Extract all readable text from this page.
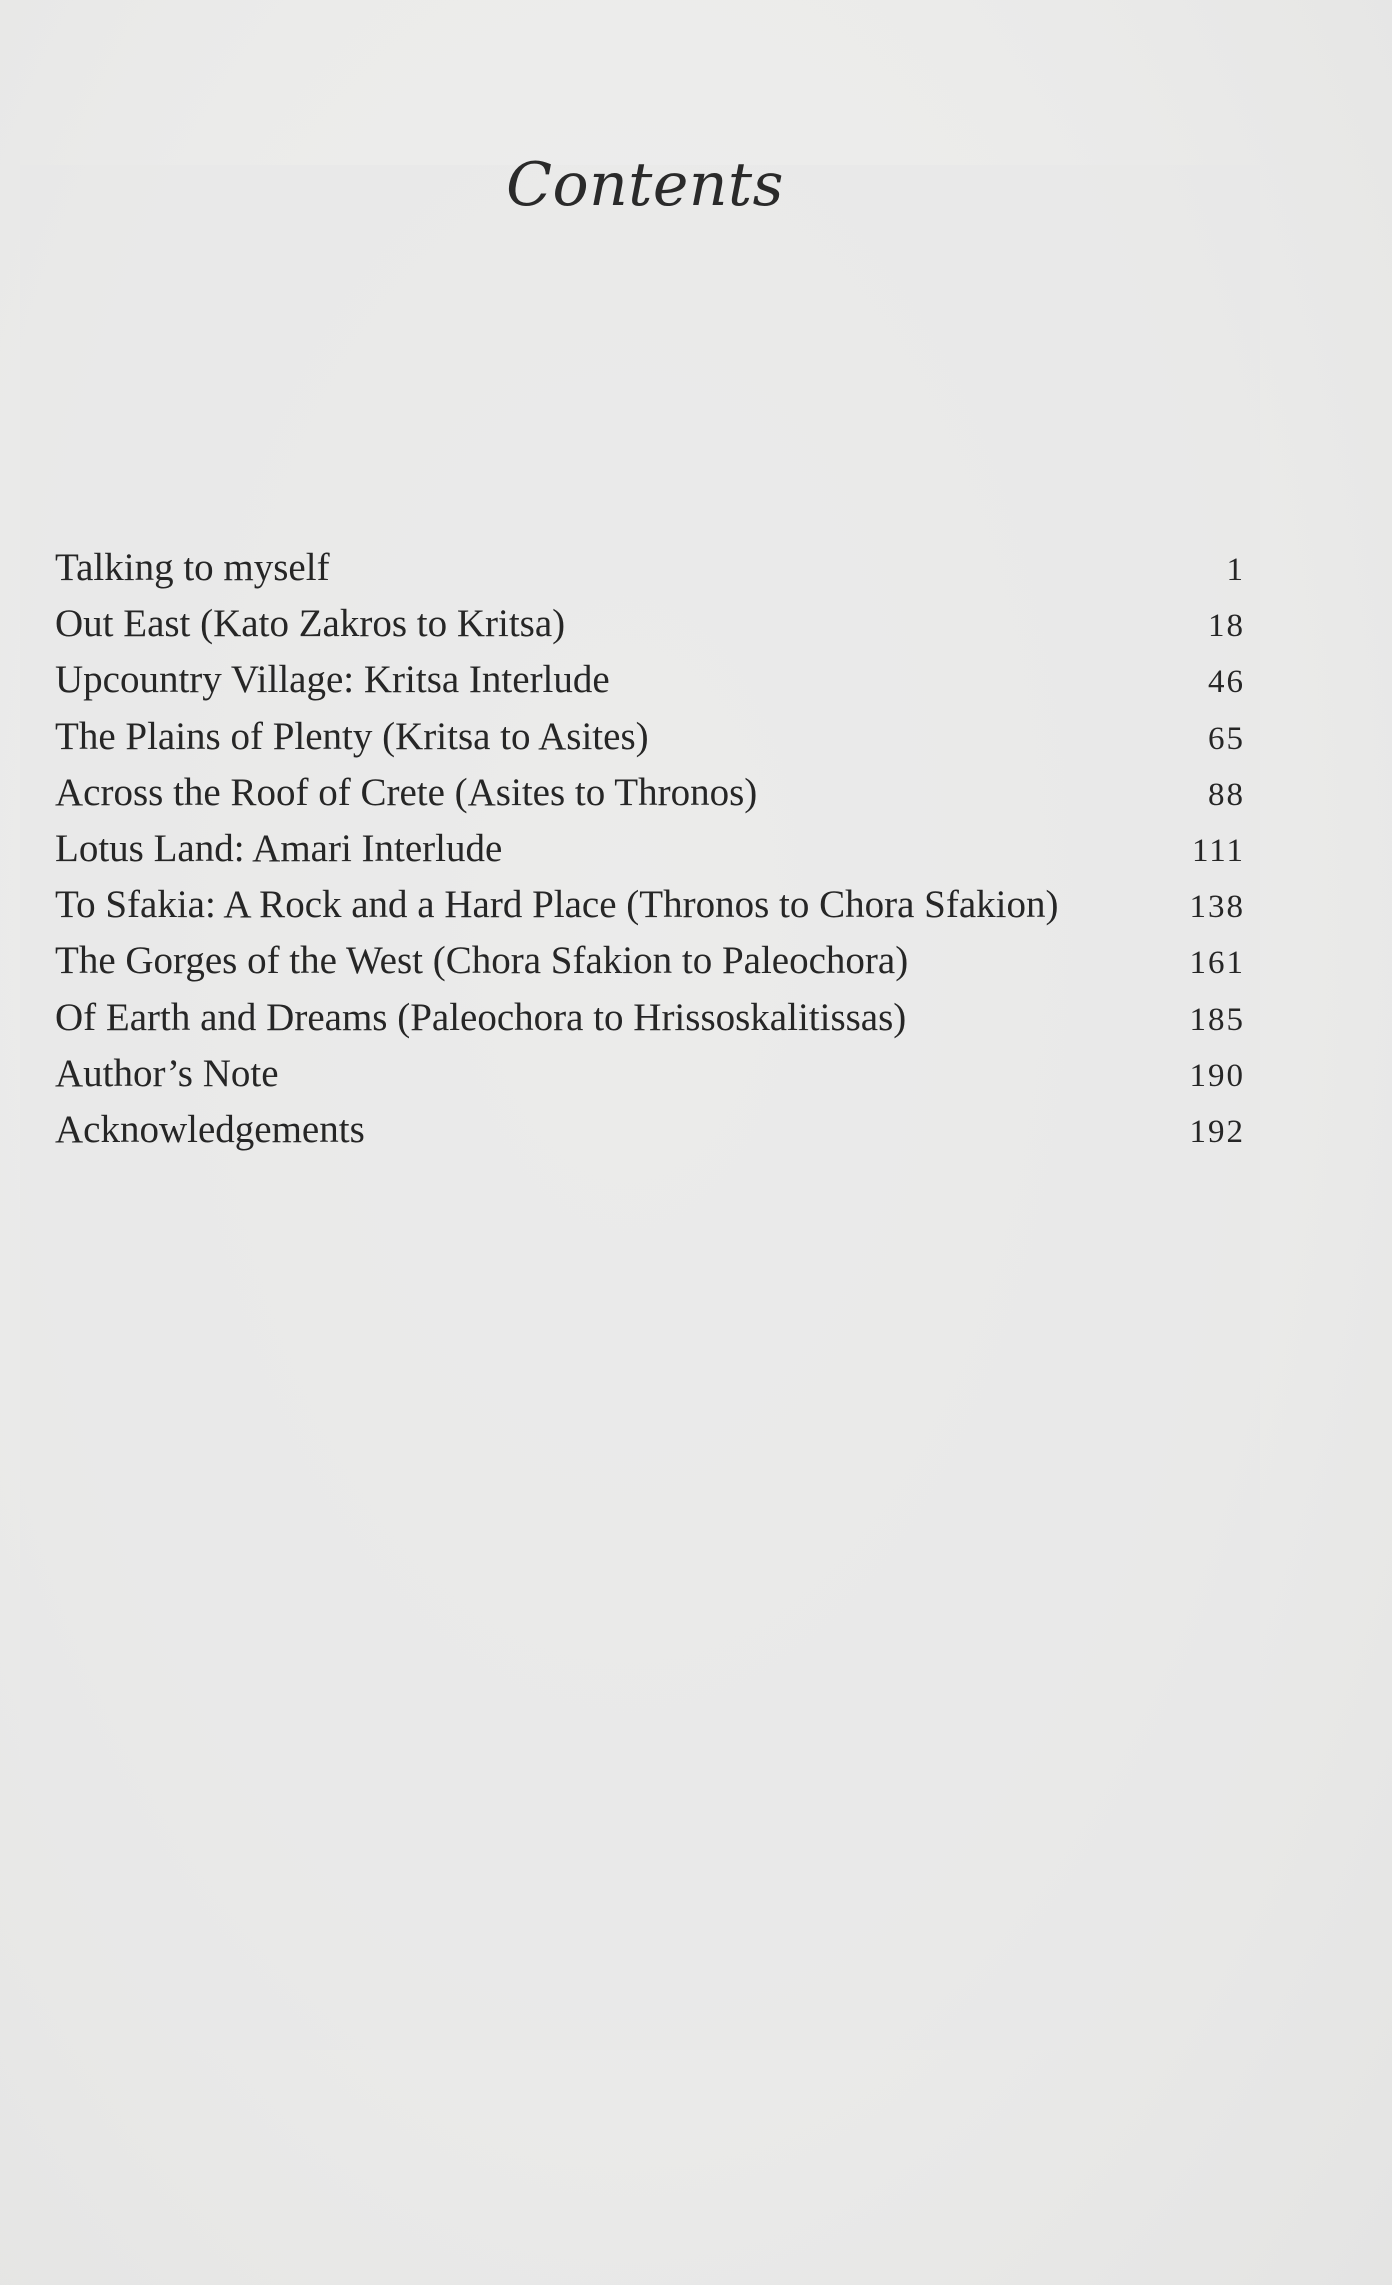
Contents
Talking to myself	1
Out East (Kato Zakros to Kritsa)	18
Upcountry Village: Kritsa Interlude	46
The Plains of Plenty (Kritsa to Asites)	65
Across the Roof of Crete (Asites to Thronos)	88
Lotus Land: Amari Interlude	111
To Sfakia: A Rock and a Hard Place (Thronos to Chora Sfakion)	138
The Gorges of the West (Chora Sfakion to Paleochora)	161
Of Earth and Dreams (Paleochora to Hrissoskalitissas)	185
Author’s Note	190
Acknowledgements	192
